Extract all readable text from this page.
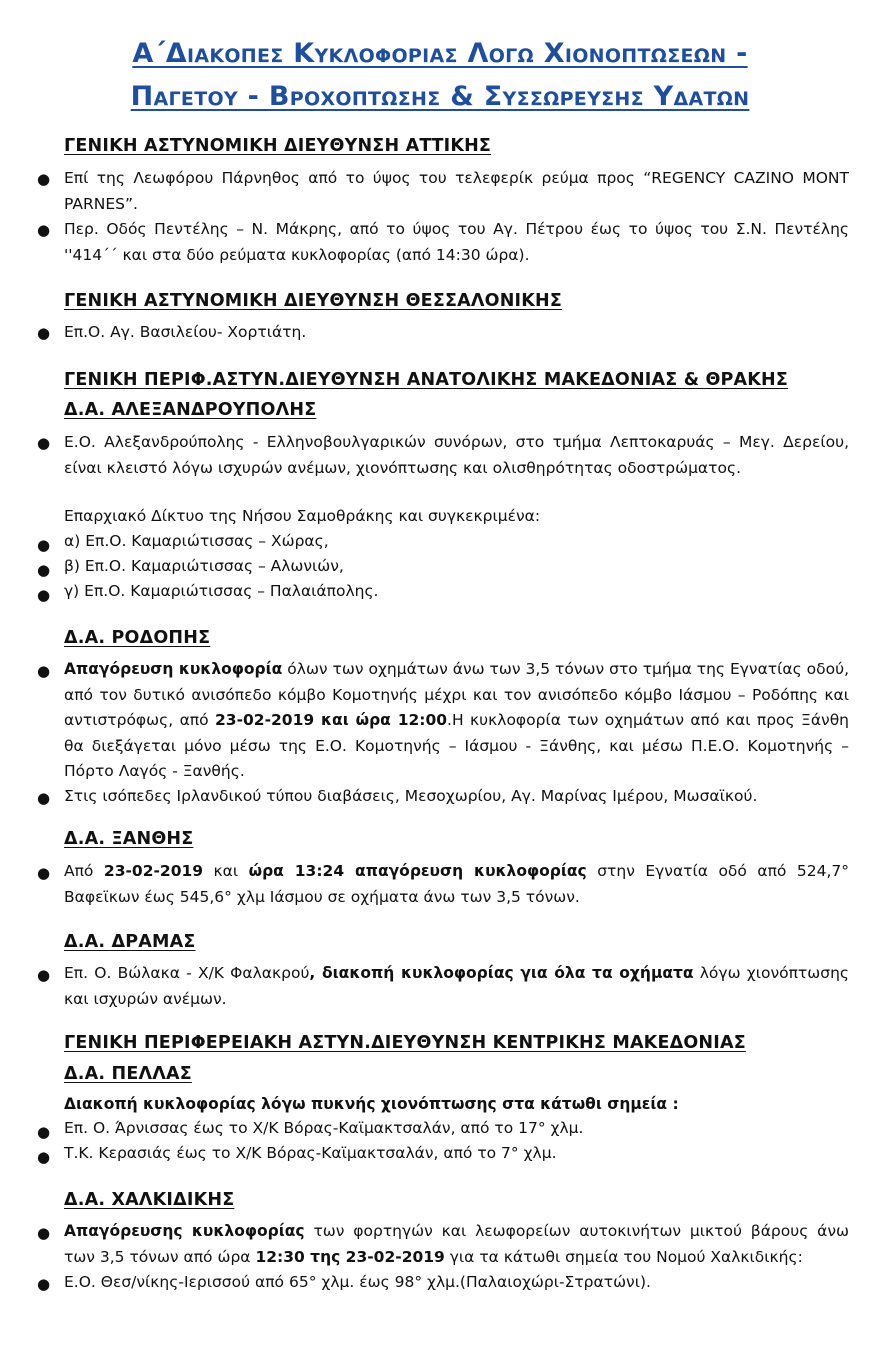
Α΄Διακοπες Κυκλοφοριας Λογω Χιονοπτωσεων -
Παγετου - Βροχοπτωσης & Συσσωρευσης Υδατων
ΓΕΝΙΚΗ ΑΣΤΥΝΟΜΙΚΗ ΔΙΕΥΘΥΝΣΗ ΑΤΤΙΚΗΣ
● Επί της Λεωφόρου Πάρνηθος από το ύψος του τελεφερίκ ρεύμα προς “REGENCY CAZINO MONT PARNES”.
● Περ. Οδός Πεντέλης – Ν. Μάκρης, από το ύψος του Αγ. Πέτρου έως το ύψος του Σ.Ν. Πεντέλης ''414΄΄ και στα δύο ρεύματα κυκλοφορίας (από 14:30 ώρα).
ΓΕΝΙΚΗ ΑΣΤΥΝΟΜΙΚΗ ΔΙΕΥΘΥΝΣΗ ΘΕΣΣΑΛΟΝΙΚΗΣ
● Επ.Ο. Αγ. Βασιλείου- Χορτιάτη.
ΓΕΝΙΚΗ ΠΕΡΙΦ.ΑΣΤΥΝ.ΔΙΕΥΘΥΝΣΗ ΑΝΑΤΟΛΙΚΗΣ ΜΑΚΕΔΟΝΙΑΣ & ΘΡΑΚΗΣ
Δ.Α. ΑΛΕΞΑΝΔΡΟΥΠΟΛΗΣ
● Ε.Ο. Αλεξανδρούπολης - Ελληνοβουλγαρικών συνόρων, στο τμήμα Λεπτοκαρυάς – Μεγ. Δερείου, είναι κλειστό λόγω ισχυρών ανέμων, χιονόπτωσης και ολισθηρότητας οδοστρώματος.
Επαρχιακό Δίκτυο της Νήσου Σαμοθράκης και συγκεκριμένα:
● α) Επ.Ο. Καμαριώτισσας – Χώρας,
● β) Επ.Ο. Καμαριώτισσας – Αλωνιών,
● γ) Επ.Ο. Καμαριώτισσας – Παλαιάπολης.
Δ.Α. ΡΟΔΟΠΗΣ
● Απαγόρευση κυκλοφορία όλων των οχημάτων άνω των 3,5 τόνων στο τμήμα της Εγνατίας οδού, από τον δυτικό ανισόπεδο κόμβο Κομοτηνής μέχρι και τον ανισόπεδο κόμβο Ιάσμου – Ροδόπης και αντιστρόφως, από 23-02-2019 και ώρα 12:00.Η κυκλοφορία των οχημάτων από και προς Ξάνθη θα διεξάγεται μόνο μέσω της Ε.Ο. Κομοτηνής – Ιάσμου - Ξάνθης, και μέσω Π.Ε.Ο. Κομοτηνής – Πόρτο Λαγός - Ξανθής.
● Στις ισόπεδες Ιρλανδικού τύπου διαβάσεις, Μεσοχωρίου, Αγ. Μαρίνας Ιμέρου, Μωσαϊκού.
Δ.Α. ΞΑΝΘΗΣ
● Από 23-02-2019 και ώρα 13:24 απαγόρευση κυκλοφορίας στην Εγνατία οδό από 524,7° Βαφεϊκων έως 545,6° χλμ Ιάσμου σε οχήματα άνω των 3,5 τόνων.
Δ.Α. ΔΡΑΜΑΣ
● Επ. Ο. Βώλακα - Χ/Κ Φαλακρού, διακοπή κυκλοφορίας για όλα τα οχήματα λόγω χιονόπτωσης και ισχυρών ανέμων.
ΓΕΝΙΚΗ ΠΕΡΙΦΕΡΕΙΑΚΗ ΑΣΤΥΝ.ΔΙΕΥΘΥΝΣΗ ΚΕΝΤΡΙΚΗΣ ΜΑΚΕΔΟΝΙΑΣ
Δ.Α. ΠΕΛΛΑΣ
Διακοπή κυκλοφορίας λόγω πυκνής χιονόπτωσης στα κάτωθι σημεία :
● Επ. Ο. Άρνισσας έως το Χ/Κ Βόρας-Καϊμακτσαλάν, από το 17° χλμ.
● Τ.Κ. Κερασιάς έως το Χ/Κ Βόρας-Καϊμακτσαλάν, από το 7° χλμ.
Δ.Α. ΧΑΛΚΙΔΙΚΗΣ
● Απαγόρευσης κυκλοφορίας των φορτηγών και λεωφορείων αυτοκινήτων μικτού βάρους άνω των 3,5 τόνων από ώρα 12:30 της 23-02-2019 για τα κάτωθι σημεία του Νομού Χαλκιδικής:
● Ε.Ο. Θεσ/νίκης-Ιερισσού από 65° χλμ. έως 98° χλμ.(Παλαιοχώρι-Στρατώνι).
